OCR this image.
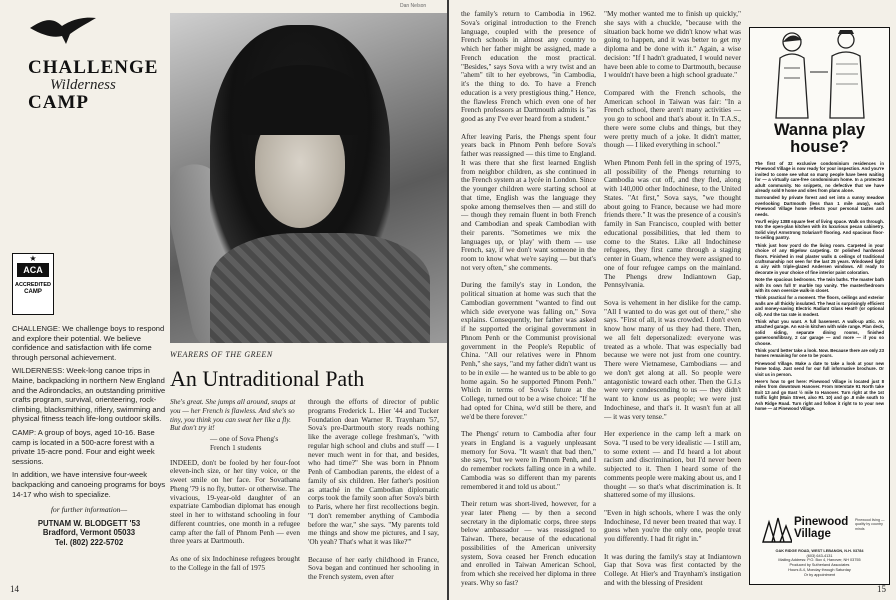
CHALLENGE
Wilderness
CAMP
★
ACA
ACCREDITED
CAMP

CHALLENGE: We challenge boys to respond and explore their potential. We believe confidence and satisfaction with life come through personal achievement.

WILDERNESS: Week-long canoe trips in Maine, backpacking in northern New England and the Adirondacks, an outstanding primitive crafts program, survival, orienteering, rock-climbing, blacksmithing, riflery, swimming and physical fitness teach life-long outdoor skills.

CAMP: A group of boys, aged 10-16. Base camp is located in a 500-acre forest with a private 15-acre pond. Four and eight week sessions.

In addition, we have intensive four-week backpacking and canoeing programs for boys 14-17 who wish to specialize.

for further information—

PUTNAM W. BLODGETT '53
Bradford, Vermont 05033
Tel. (802) 222-5702
14
Dan Nelson
WEARERS OF THE GREEN
An Untraditional Path

She's great. She jumps all around, snaps at you — her French is flawless. And she's so tiny, you think you can swat her like a fly. But don't try it!

— one of Sova Pheng's French 1 students

INDEED, don't be fooled by her four-foot eleven-inch size, or her tiny voice, or the sweet smile on her face. For Sovathana Pheng '79 is no fly, butter- or otherwise. The vivacious, 19-year-old daughter of an expatriate Cambodian diplomat has enough steel in her to withstand schooling in four different countries, one month in a refugee camp after the fall of Phnom Penh — even three years at Dartmouth.

As one of six Indochinese refugees brought to the College in the fall of 1975

through the efforts of director of public programs Frederick L. Hier '44 and Tucker Foundation dean Warner R. Traynham '57, Sova's pre-Dartmouth story reads nothing like the average college freshman's, "with regular high school and clubs and stuff — I never much went in for that, and besides, who had time?" She was born in Phnom Penh of Cambodian parents, the eldest of a family of six children. Her father's position as attaché in the Cambodian diplomatic corps took the family soon after Sova's birth to Paris, where her first recollections begin. "I don't remember anything of Cambodia before the war," she says. "My parents told me things and show me pictures, and I say, 'Oh yeah? That's what it was like?'"

Because of her early childhood in France, Sova began and continued her schooling in the French system, even after

the family's return to Cambodia in 1962. Sova's original introduction to the French language, coupled with the presence of French schools in almost any country to which her father might be assigned, made a French education the most practical. "Besides," says Sova with a wry twist and an "ahem" tilt to her eyebrows, "in Cambodia, it's the thing to do. To have a French education is a very prestigious thing." Hence, the flawless French which even one of her French professors at Dartmouth admits is "as good as any I've ever heard from a student."

After leaving Paris, the Phengs spent four years back in Phnom Penh before Sova's father was reassigned — this time to England. It was there that she first learned English from neighbor children, as she continued in the French system at a lycée in London. Since the younger children were starting school at that time, English was the language they spoke among themselves then — and still do — though they remain fluent in both French and Cambodian and speak Cambodian with their parents. "Sometimes we mix the languages up, or 'play' with them — use French, say, if we don't want someone in the room to know what we're saying — but that's not very often," she comments.

During the family's stay in London, the political situation at home was such that the Cambodian government "wanted to find out which side everyone was falling on," Sova explains. Consequently, her father was asked if he supported the original government in Phnom Penh or the Communist provisional government in the People's Republic of China. "All our relatives were in Phnom Penh," she says, "and my father didn't want us to be in exile — he wanted us to be able to go home again. So he supported Phnom Penh." Which in terms of Sova's future at the College, turned out to be a wise choice: "If he had opted for China, we'd still be there, and we'd be there forever."

The Phengs' return to Cambodia after four years in England is a vaguely unpleasant memory for Sova. "It wasn't that bad then," she says, "but we were in Phnom Penh, and I do remember rockets falling once in a while. Cambodia was so different than my parents remembered it and told us about."

Their return was short-lived, however, for a year later Pheng — by then a second secretary in the diplomatic corps, three steps below ambassador — was reassigned to Taiwan. There, because of the educational possibilities of the American university system, Sova ceased her French education and enrolled in Taiwan American School, from which she received her diploma in three years. Why so fast?

"My mother wanted me to finish up quickly," she says with a chuckle, "because with the situation back home we didn't know what was going to happen, and it was better to get my diploma and be done with it." Again, a wise decision: "If I hadn't graduated, I would never have been able to come to Dartmouth, because I wouldn't have been a high school graduate."

Compared with the French schools, the American school in Taiwan was fair: "In a French school, there aren't many activities — you go to school and that's about it. In T.A.S., there were some clubs and things, but they were pretty much of a joke. It didn't matter, though — I liked everything in school."

When Phnom Penh fell in the spring of 1975, all possibility of the Phengs returning to Cambodia was cut off, and they fled, along with 140,000 other Indochinese, to the United States. "At first," Sova says, "we thought about going to France, because we had more friends there." It was the presence of a cousin's family in San Francisco, coupled with better educational possibilities, that led them to come to the States. Like all Indochinese refugees, they first came through a staging center in Guam, whence they were assigned to one of four refugee camps on the mainland. The Phengs drew Indiantown Gap, Pennsylvania.

Sova is vehement in her dislike for the camp. "All I wanted to do was get out of there," she says. "First of all, it was crowded. I don't even know how many of us they had there. Then, we all felt depersonalized: everyone was treated as a whole. That was especially bad because we were not just from one country. There were Vietnamese, Cambodians — and we don't get along at all. So people were antagonistic toward each other. Then the G.I.s were very condescending to us — they didn't want to know us as people; we were just Indochinese, and that's it. It wasn't fun at all — it was very tense."

Her experience in the camp left a mark on Sova. "I used to be very idealistic — I still am, to some extent — and I'd heard a lot about racism and discrimination, but I'd never been subjected to it. Then I heard some of the comments people were making about us, and I thought — so that's what discrimination is. It shattered some of my illusions.

"Even in high schools, where I was the only Indochinese, I'd never been treated that way. I guess when you're the only one, people treat you differently. I had fit right in."

It was during the family's stay at Indiantown Gap that Sova was first contacted by the College. At Hier's and Traynham's instigation and with the blessing of President

Wanna play
house?

The first of 32 exclusive condominium residences in Pinewood Village is now ready for your inspection. And you're invited to come see what so many people have been waiting for — a virtually care-free condominium home. In a protected adult community. No snippets, no defective that we have already sold 9 home and sites from plans alone.

Surrounded by private forest and set into a sunny meadow overlooking Dartmouth (less than 1 mile away), each Pinewood Village home reflects your personal tastes and needs.

You'll enjoy 1388 square feet of living space. Walk on through. Into the open-plan kitchen with its luxurious pecan cabinetry. Solid vinyl Armstrong Solarian® flooring. And spacious floor-to-ceiling pantry.

Think just how you'd do the living room. Carpeted in your choice of any Bigelow carpeting. Or polished hardwood floors. Finished in real plaster walls & ceilings of traditional craftsmanship not seen for the last 25 years. Windowed light & airy with triple-glazed Andersen windows. All ready to decorate in your choice of fine interior paint coloration.

Note the spacious bedrooms. The twin baths. The master bath with its own full 5' marble top vanity. The master/bedroom with its own oversize walk-in closet.

Think practical for a moment. The floors, ceilings and exterior walls are all thickly insulated. The heat is surprisingly efficient and money-saving Electric Radiant Glass Heat® (or optional oil). And the tax rate is modest.

Think what you want. A full basement. A walk-up attic. An attached garage. An eat-in kitchen with wide range. Plan deck, solid siding, separate dining rooms, finished gameroom/library, 2 car garage — and more — if you so choose.

Think you'd better take a look. Now. Because there are only 23 homes remaining for one to be yours.

Pinewood Village. Make a date to take a look at your new home today. Just send for our full informative brochure. Or visit us in person.

Here's how to get here: Pinewood Village is located just 8 miles from downtown Hanover. From Interstate 91 North take Exit 13 and go East ½ mile to Hanover. Turn right at the 1st traffic light (Main Street, also Rt. 10) and go .8 mile south to Ash Ridge Road. Turn right and follow it right to to your new home — at Pinewood Village.

Pinewood Village
Pinewood living — quality by country minds
OAK RIDGE ROAD, WEST LEBANON, N.H. 03784
(603) 643-4131
Mailing Address: P.O. Box 4, Hanover, NH 03755
Produced by Sutherland Associates
Hours 8-4, Monday through Saturday
Or by appointment
15
